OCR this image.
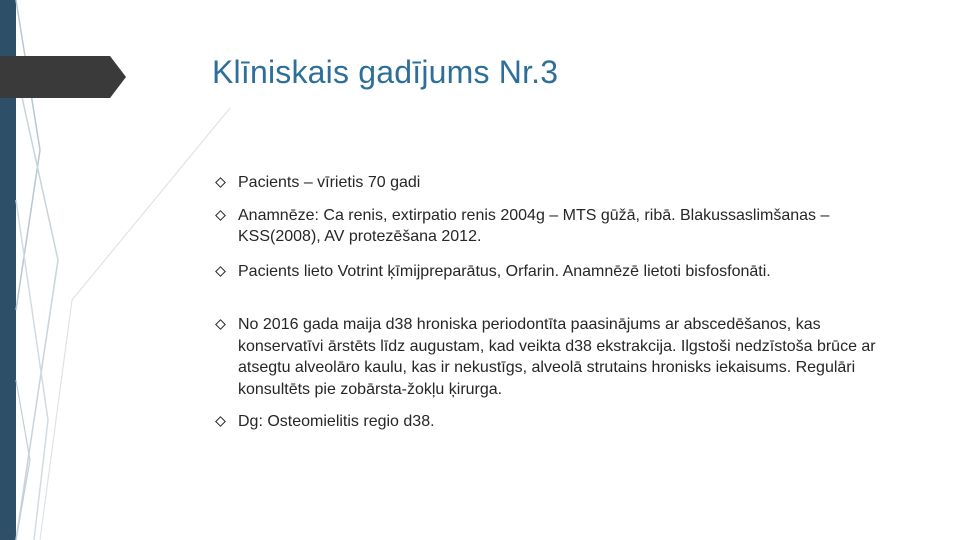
Klīniskais gadījums Nr.3
Pacients – vīrietis 70 gadi
Anamnēze: Ca renis, extirpatio renis 2004g – MTS gūžā, ribā. Blakussaslimšanas – KSS(2008), AV protezēšana 2012.
Pacients lieto Votrint ķīmijpreparātus, Orfarin. Anamnēzē lietoti bisfosfonāti.
No 2016 gada maija d38 hroniska periodontīta paasinājums ar abscedēšanos, kas konservatīvi ārstēts līdz augustam, kad veikta d38 ekstrakcija. Ilgstoši nedzīstoša brūce ar atsegtu alveolāro kaulu, kas ir nekustīgs, alveolā strutains hronisks iekaisums. Regulāri konsultēts pie zobārsta-žokļu ķirurga.
Dg: Osteomielitis regio d38.
